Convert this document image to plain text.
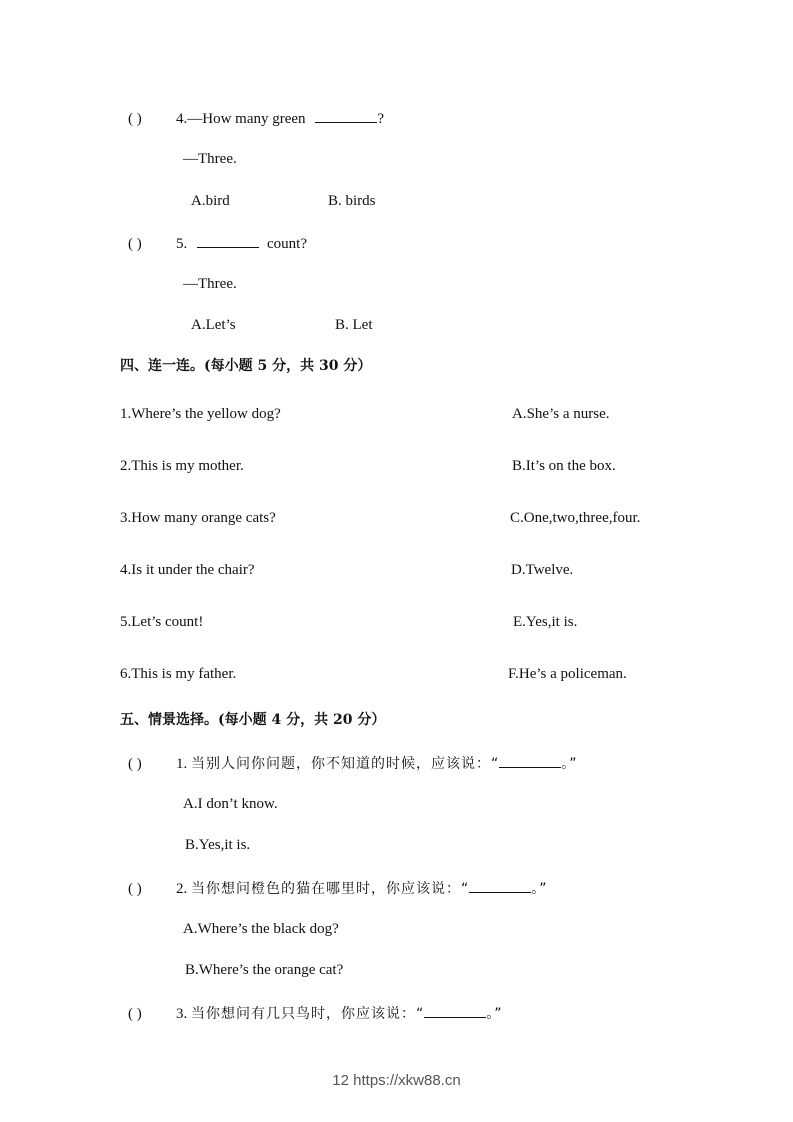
( ) 4.—How many green	?
—Three.
A.bird	B. birds
( ) 5.	count?
—Three.
A.Let’s	B. Let
四、连一连。(每小题 5 分，共 30 分）
1.Where’s the yellow dog?	A.She’s a nurse.
2.This is my mother.	B.It’s on the box.
3.How many orange cats?	C.One,two,three,four.
4.Is it under the chair?	D.Twelve.
5.Let’s count!	E.Yes,it is.
6.This is my father.	F.He’s a policeman.
五、情景选择。(每小题 4 分，共 20 分）
( ) 1. 当别人问你问题，你不知道的时候，应该说：“	。”
A.I don’t know.
B.Yes,it is.
( ) 2. 当你想问橙色的猫在哪里时，你应该说：“	。”
A.Where’s the black dog?
B.Where’s the orange cat?
( ) 3. 当你想问有几只鸟时，你应该说：“	。”
12 https://xkw88.cn
